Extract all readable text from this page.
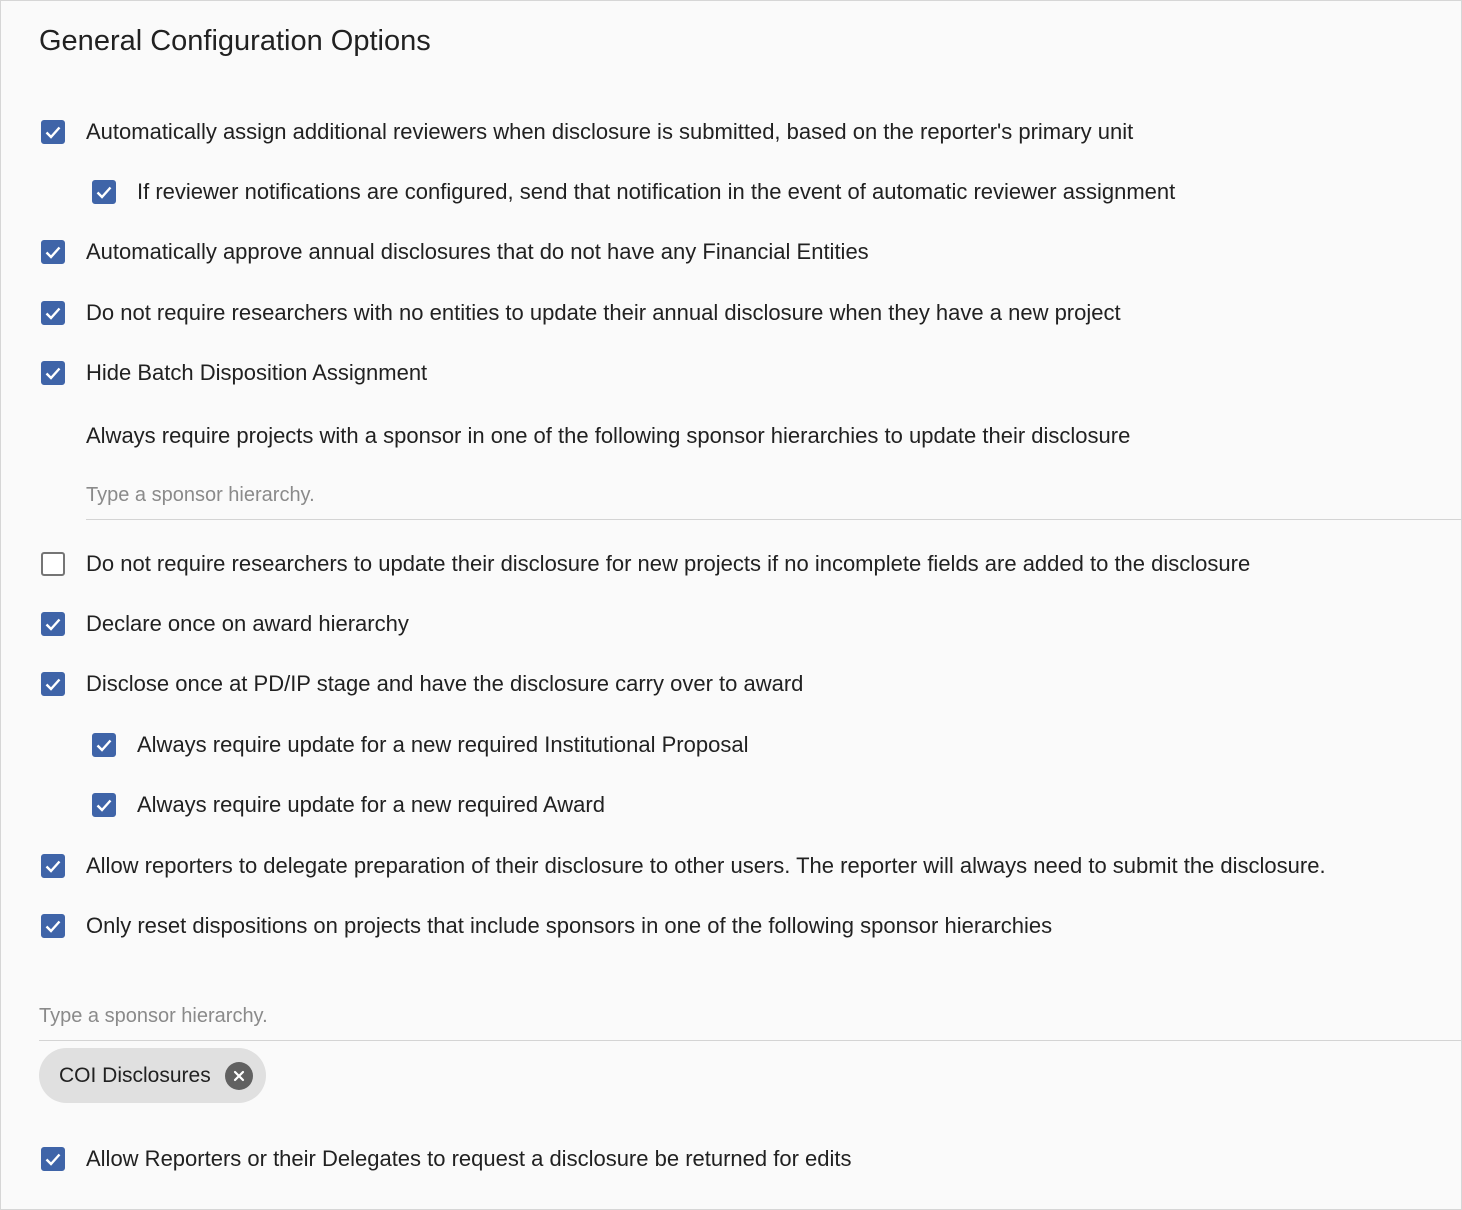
General Configuration Options
Automatically assign additional reviewers when disclosure is submitted, based on the reporter's primary unit
If reviewer notifications are configured, send that notification in the event of automatic reviewer assignment
Automatically approve annual disclosures that do not have any Financial Entities
Do not require researchers with no entities to update their annual disclosure when they have a new project
Hide Batch Disposition Assignment
Always require projects with a sponsor in one of the following sponsor hierarchies to update their disclosure
Type a sponsor hierarchy.
Do not require researchers to update their disclosure for new projects if no incomplete fields are added to the disclosure
Declare once on award hierarchy
Disclose once at PD/IP stage and have the disclosure carry over to award
Always require update for a new required Institutional Proposal
Always require update for a new required Award
Allow reporters to delegate preparation of their disclosure to other users. The reporter will always need to submit the disclosure.
Only reset dispositions on projects that include sponsors in one of the following sponsor hierarchies
Type a sponsor hierarchy.
COI Disclosures
Allow Reporters or their Delegates to request a disclosure be returned for edits
